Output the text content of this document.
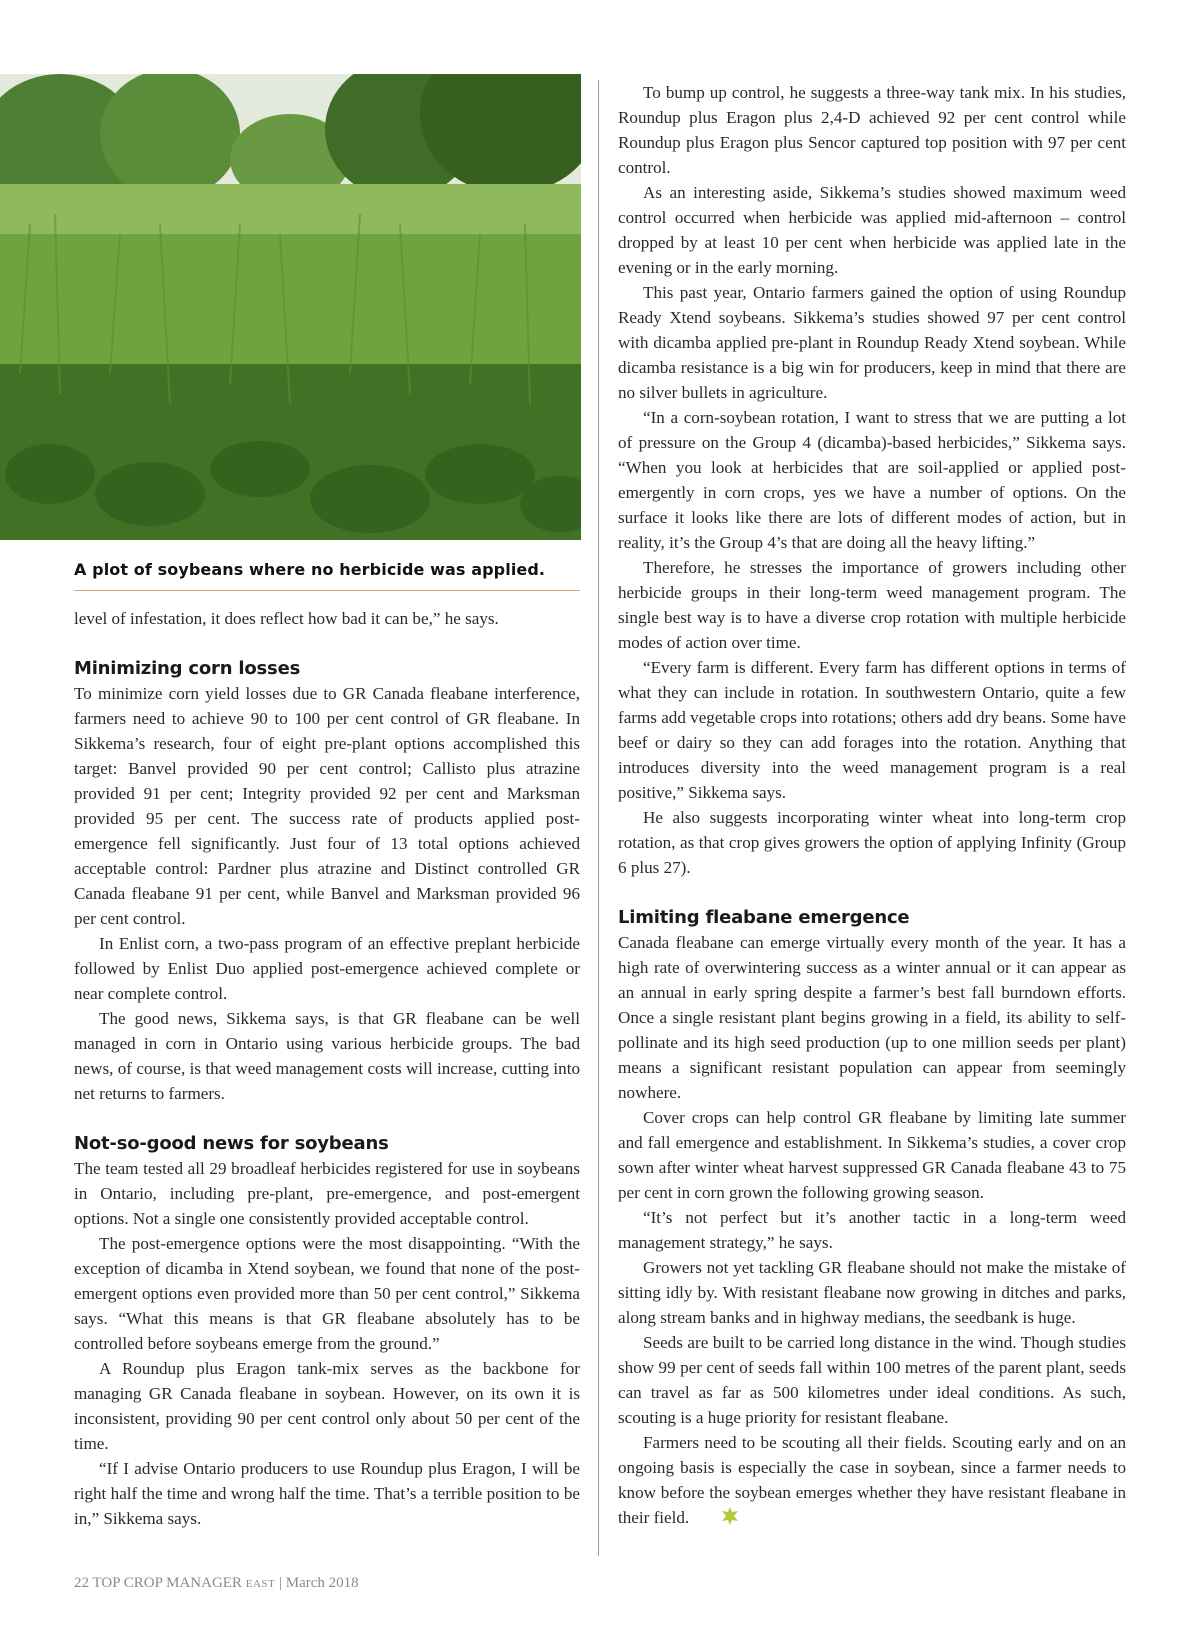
A plot of soybeans where no herbicide was applied.

level of infestation, it does reflect how bad it can be,” he says.

Minimizing corn losses

To minimize corn yield losses due to GR Canada fleabane interference, farmers need to achieve 90 to 100 per cent control of GR fleabane. In Sikkema’s research, four of eight pre-plant options accomplished this target: Banvel provided 90 per cent control; Callisto plus atrazine provided 91 per cent; Integrity provided 92 per cent and Marksman provided 95 per cent. The success rate of products applied post-emergence fell significantly. Just four of 13 total options achieved acceptable control: Pardner plus atrazine and Distinct controlled GR Canada fleabane 91 per cent, while Banvel and Marksman provided 96 per cent control.

In Enlist corn, a two-pass program of an effective preplant herbicide followed by Enlist Duo applied post-emergence achieved complete or near complete control.

The good news, Sikkema says, is that GR fleabane can be well managed in corn in Ontario using various herbicide groups. The bad news, of course, is that weed management costs will increase, cutting into net returns to farmers.

Not-so-good news for soybeans

The team tested all 29 broadleaf herbicides registered for use in soybeans in Ontario, including pre-plant, pre-emergence, and post-emergent options. Not a single one consistently provided acceptable control.

The post-emergence options were the most disappointing. “With the exception of dicamba in Xtend soybean, we found that none of the post-emergent options even provided more than 50 per cent control,” Sikkema says. “What this means is that GR fleabane absolutely has to be controlled before soybeans emerge from the ground.”

A Roundup plus Eragon tank-mix serves as the backbone for managing GR Canada fleabane in soybean. However, on its own it is inconsistent, providing 90 per cent control only about 50 per cent of the time.

“If I advise Ontario producers to use Roundup plus Eragon, I will be right half the time and wrong half the time. That’s a terrible position to be in,” Sikkema says.

To bump up control, he suggests a three-way tank mix. In his studies, Roundup plus Eragon plus 2,4-D achieved 92 per cent control while Roundup plus Eragon plus Sencor captured top position with 97 per cent control.

As an interesting aside, Sikkema’s studies showed maximum weed control occurred when herbicide was applied mid-afternoon – control dropped by at least 10 per cent when herbicide was applied late in the evening or in the early morning.

This past year, Ontario farmers gained the option of using Roundup Ready Xtend soybeans. Sikkema’s studies showed 97 per cent control with dicamba applied pre-plant in Roundup Ready Xtend soybean. While dicamba resistance is a big win for producers, keep in mind that there are no silver bullets in agriculture.

“In a corn-soybean rotation, I want to stress that we are putting a lot of pressure on the Group 4 (dicamba)-based herbicides,” Sikkema says. “When you look at herbicides that are soil-applied or applied post-emergently in corn crops, yes we have a number of options. On the surface it looks like there are lots of different modes of action, but in reality, it’s the Group 4’s that are doing all the heavy lifting.”

Therefore, he stresses the importance of growers including other herbicide groups in their long-term weed management program. The single best way is to have a diverse crop rotation with multiple herbicide modes of action over time.

“Every farm is different. Every farm has different options in terms of what they can include in rotation. In southwestern Ontario, quite a few farms add vegetable crops into rotations; others add dry beans. Some have beef or dairy so they can add forages into the rotation. Anything that introduces diversity into the weed management program is a real positive,” Sikkema says.

He also suggests incorporating winter wheat into long-term crop rotation, as that crop gives growers the option of applying Infinity (Group 6 plus 27).

Limiting fleabane emergence

Canada fleabane can emerge virtually every month of the year. It has a high rate of overwintering success as a winter annual or it can appear as an annual in early spring despite a farmer’s best fall burndown efforts. Once a single resistant plant begins growing in a field, its ability to self-pollinate and its high seed production (up to one million seeds per plant) means a significant resistant population can appear from seemingly nowhere.

Cover crops can help control GR fleabane by limiting late summer and fall emergence and establishment. In Sikkema’s studies, a cover crop sown after winter wheat harvest suppressed GR Canada fleabane 43 to 75 per cent in corn grown the following growing season.

“It’s not perfect but it’s another tactic in a long-term weed management strategy,” he says.

Growers not yet tackling GR fleabane should not make the mistake of sitting idly by. With resistant fleabane now growing in ditches and parks, along stream banks and in highway medians, the seedbank is huge.

Seeds are built to be carried long distance in the wind. Though studies show 99 per cent of seeds fall within 100 metres of the parent plant, seeds can travel as far as 500 kilometres under ideal conditions. As such, scouting is a huge priority for resistant fleabane.

Farmers need to be scouting all their fields. Scouting early and on an ongoing basis is especially the case in soybean, since a farmer needs to know before the soybean emerges whether they have resistant fleabane in their field.

22 TOP CROP MANAGER EAST | March 2018
